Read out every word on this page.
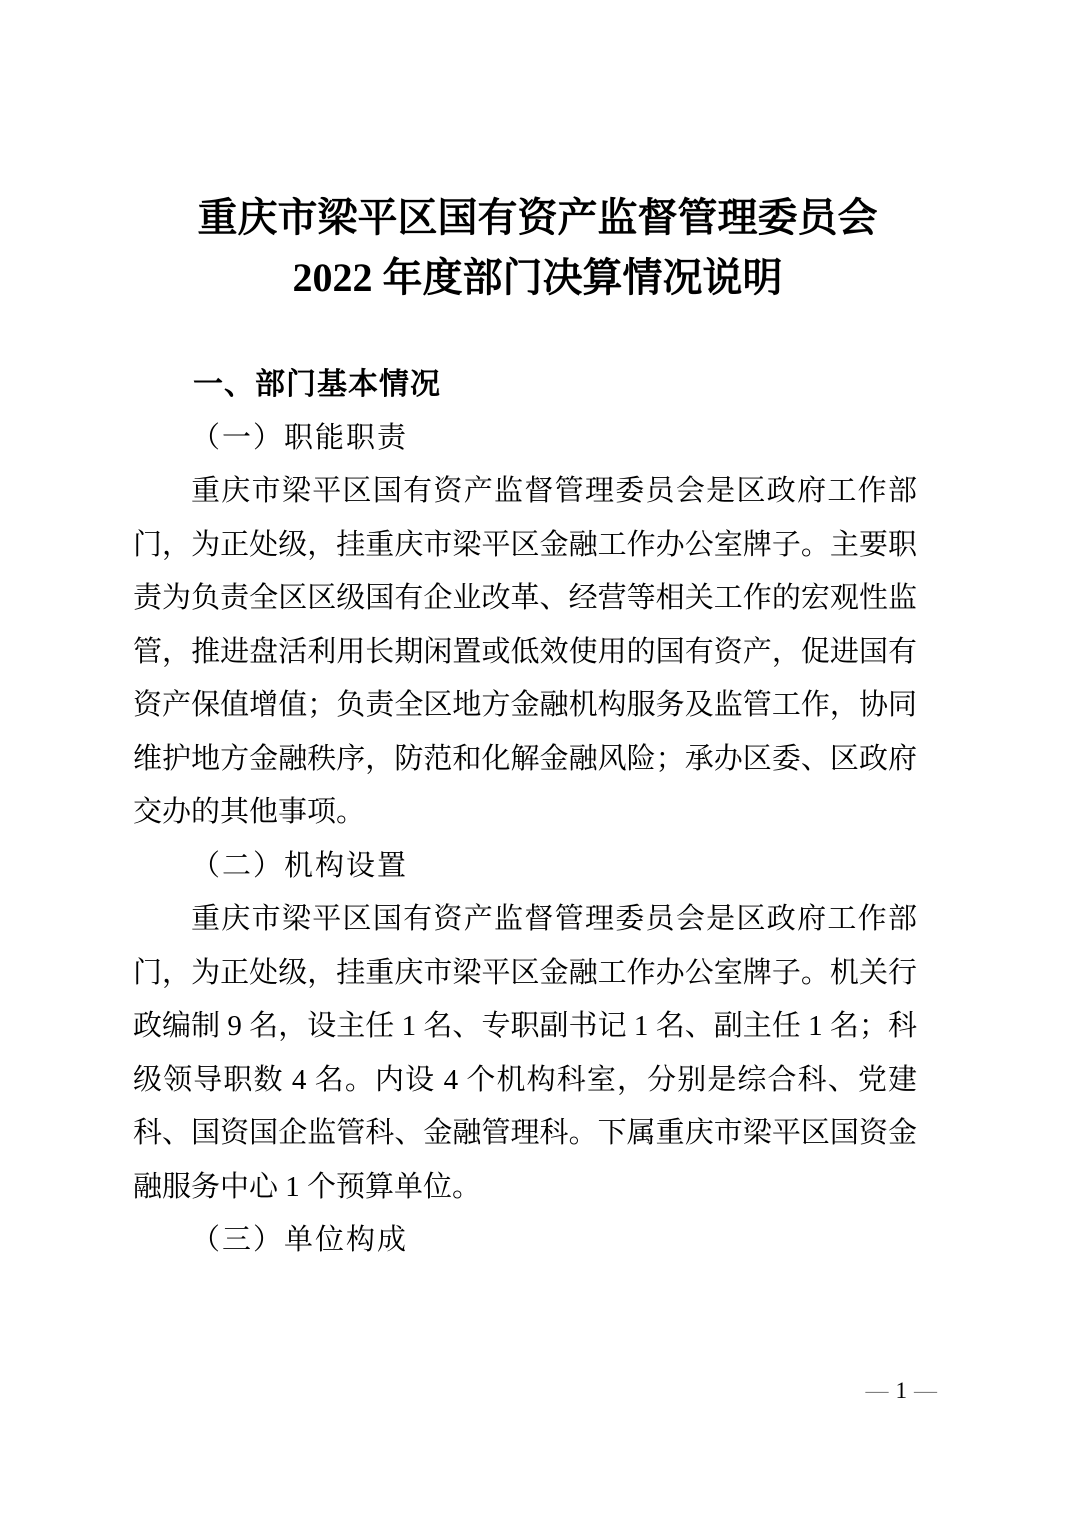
重庆市梁平区国有资产监督管理委员会
2022 年度部门决算情况说明
一、部门基本情况
（一）职能职责

重庆市梁平区国有资产监督管理委员会是区政府工作部门，为正处级，挂重庆市梁平区金融工作办公室牌子。主要职责为负责全区区级国有企业改革、经营等相关工作的宏观性监管，推进盘活利用长期闲置或低效使用的国有资产，促进国有资产保值增值；负责全区地方金融机构服务及监管工作，协同维护地方金融秩序，防范和化解金融风险；承办区委、区政府交办的其他事项。

（二）机构设置

重庆市梁平区国有资产监督管理委员会是区政府工作部门，为正处级，挂重庆市梁平区金融工作办公室牌子。机关行政编制 9 名，设主任 1 名、专职副书记 1 名、副主任 1 名；科级领导职数 4 名。内设 4 个机构科室，分别是综合科、党建科、国资国企监管科、金融管理科。下属重庆市梁平区国资金融服务中心 1 个预算单位。

（三）单位构成
— 1 —
